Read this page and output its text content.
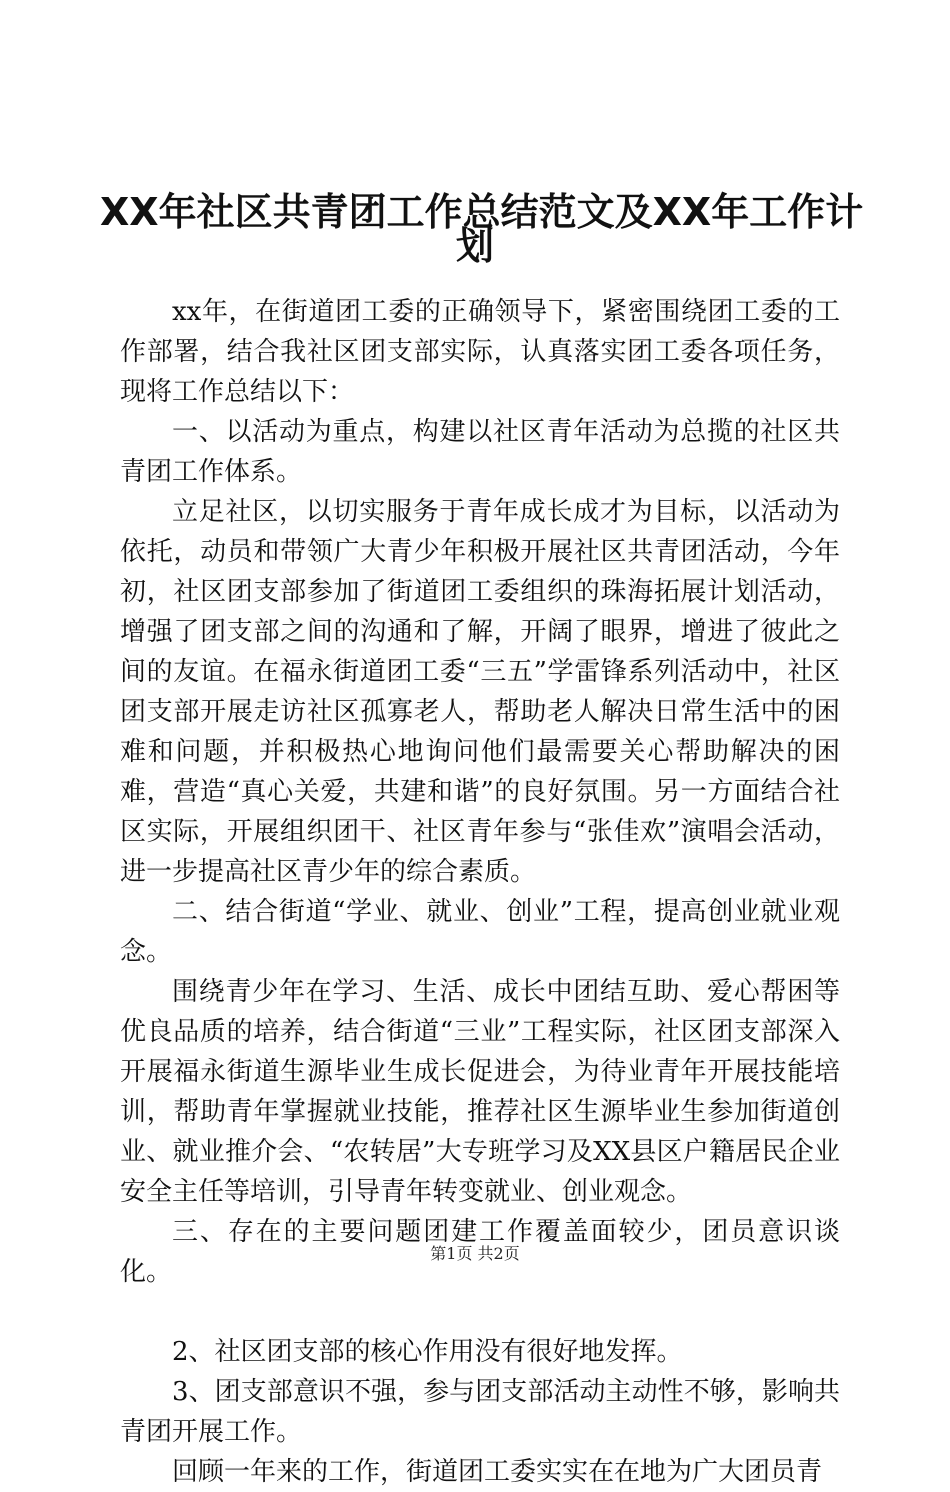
XX年社区共青团工作总结范文及XX年工作计
划

xx年，在街道团工委的正确领导下，紧密围绕团工委的工作部署，结合我社区团支部实际，认真落实团工委各项任务，现将工作总结以下：

一、以活动为重点，构建以社区青年活动为总揽的社区共青团工作体系。

立足社区，以切实服务于青年成长成才为目标，以活动为依托，动员和带领广大青少年积极开展社区共青团活动，今年初，社区团支部参加了街道团工委组织的珠海拓展计划活动，增强了团支部之间的沟通和了解，开阔了眼界，增进了彼此之间的友谊。在福永街道团工委“三五”学雷锋系列活动中，社区团支部开展走访社区孤寡老人，帮助老人解决日常生活中的困难和问题，并积极热心地询问他们最需要关心帮助解决的困难，营造“真心关爱，共建和谐”的良好氛围。另一方面结合社区实际，开展组织团干、社区青年参与“张佳欢”演唱会活动，进一步提高社区青少年的综合素质。

二、结合街道“学业、就业、创业”工程，提高创业就业观念。

围绕青少年在学习、生活、成长中团结互助、爱心帮困等优良品质的培养，结合街道“三业”工程实际，社区团支部深入开展福永街道生源毕业生成长促进会，为待业青年开展技能培训，帮助青年掌握就业技能，推荐社区生源毕业生参加街道创业、就业推介会、“农转居”大专班学习及XX县区户籍居民企业安全主任等培训，引导青年转变就业、创业观念。

三、存在的主要问题团建工作覆盖面较少，团员意识谈化。

2、社区团支部的核心作用没有很好地发挥。

3、团支部意识不强，参与团支部活动主动性不够，影响共青团开展工作。

回顾一年来的工作，街道团工委实实在在地为广大团员青

第1页 共2页
